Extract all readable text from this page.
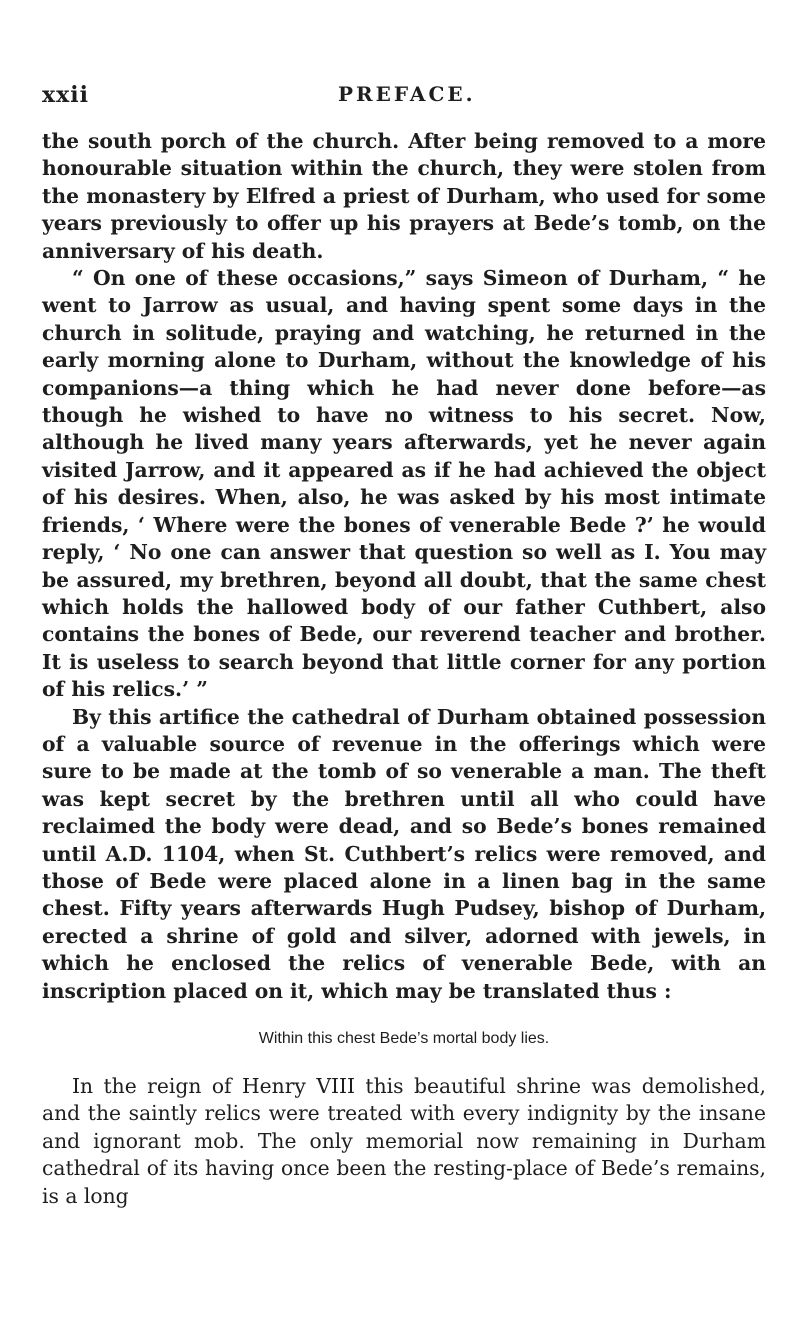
xxii	PREFACE.

the south porch of the church. After being removed to a more honourable situation within the church, they were stolen from the monastery by Elfred a priest of Durham, who used for some years previously to offer up his prayers at Bede’s tomb, on the anniversary of his death.

“ On one of these occasions,” says Simeon of Durham, “ he went to Jarrow as usual, and having spent some days in the church in solitude, praying and watching, he returned in the early morning alone to Durham, without the knowledge of his companions—a thing which he had never done before—as though he wished to have no witness to his secret. Now, although he lived many years afterwards, yet he never again visited Jarrow, and it appeared as if he had achieved the object of his desires. When, also, he was asked by his most intimate friends, ‘ Where were the bones of venerable Bede ?’ he would reply, ‘ No one can answer that question so well as I. You may be assured, my brethren, beyond all doubt, that the same chest which holds the hallowed body of our father Cuthbert, also contains the bones of Bede, our reverend teacher and brother. It is useless to search beyond that little corner for any portion of his relics.’ ”

By this artifice the cathedral of Durham obtained possession of a valuable source of revenue in the offerings which were sure to be made at the tomb of so venerable a man. The theft was kept secret by the brethren until all who could have reclaimed the body were dead, and so Bede’s bones remained until A.D. 1104, when St. Cuthbert’s relics were removed, and those of Bede were placed alone in a linen bag in the same chest. Fifty years afterwards Hugh Pudsey, bishop of Durham, erected a shrine of gold and silver, adorned with jewels, in which he enclosed the relics of venerable Bede, with an inscription placed on it, which may be translated thus :

Within this chest Bede’s mortal body lies.

In the reign of Henry VIII this beautiful shrine was demolished, and the saintly relics were treated with every indignity by the insane and ignorant mob. The only memorial now remaining in Durham cathedral of its having once been the resting-place of Bede’s remains, is a long
